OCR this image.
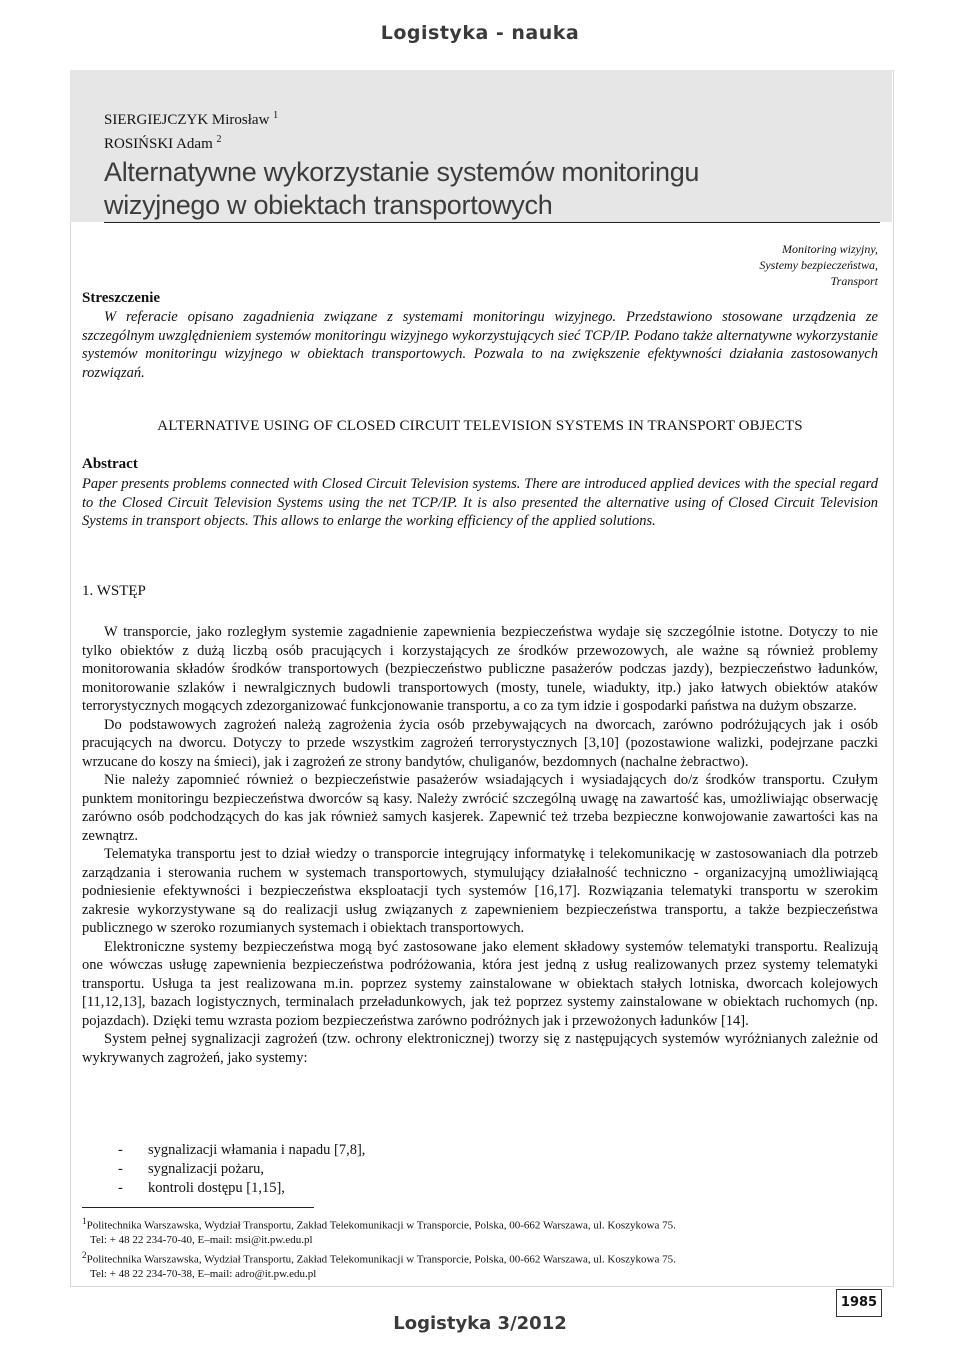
Logistyka - nauka
SIERGIEJCZYK Mirosław $^1$
ROSIŃSKI Adam $^2$
Alternatywne wykorzystanie systemów monitoringu
wizyjnego w obiektach transportowych
Monitoring wizyjny,
Systemy bezpieczeństwa,
Transport
Streszczenie

W referacie opisano zagadnienia związane z systemami monitoringu wizyjnego. Przedstawiono stosowane urządzenia ze szczególnym uwzględnieniem systemów monitoringu wizyjnego wykorzystujących sieć TCP/IP. Podano także alternatywne wykorzystanie systemów monitoringu wizyjnego w obiektach transportowych. Pozwala to na zwiększenie efektywności działania zastosowanych rozwiązań.

ALTERNATIVE USING OF CLOSED CIRCUIT TELEVISION SYSTEMS IN TRANSPORT OBJECTS
Abstract

Paper presents problems connected with Closed Circuit Television systems. There are introduced applied devices with the special regard to the Closed Circuit Television Systems using the net TCP/IP. It is also presented the alternative using of Closed Circuit Television Systems in transport objects. This allows to enlarge the working efficiency of the applied solutions.

1. WSTĘP

W transporcie, jako rozległym systemie zagadnienie zapewnienia bezpieczeństwa wydaje się szczególnie istotne. Dotyczy to nie tylko obiektów z dużą liczbą osób pracujących i korzystających ze środków przewozowych, ale ważne są również problemy monitorowania składów środków transportowych (bezpieczeństwo publiczne pasażerów podczas jazdy), bezpieczeństwo ładunków, monitorowanie szlaków i newralgicznych budowli transportowych (mosty, tunele, wiadukty, itp.) jako łatwych obiektów ataków terrorystycznych mogących zdezorganizować funkcjonowanie transportu, a co za tym idzie i gospodarki państwa na dużym obszarze.

Do podstawowych zagrożeń należą zagrożenia życia osób przebywających na dworcach, zarówno podróżujących jak i osób pracujących na dworcu. Dotyczy to przede wszystkim zagrożeń terrorystycznych [3,10] (pozostawione walizki, podejrzane paczki wrzucane do koszy na śmieci), jak i zagrożeń ze strony bandytów, chuliganów, bezdomnych (nachalne żebractwo).

Nie należy zapomnieć również o bezpieczeństwie pasażerów wsiadających i wysiadających do/z środków transportu. Czułym punktem monitoringu bezpieczeństwa dworców są kasy. Należy zwrócić szczególną uwagę na zawartość kas, umożliwiając obserwację zarówno osób podchodzących do kas jak również samych kasjerek. Zapewnić też trzeba bezpieczne konwojowanie zawartości kas na zewnątrz.

Telematyka transportu jest to dział wiedzy o transporcie integrujący informatykę i telekomunikację w zastosowaniach dla potrzeb zarządzania i sterowania ruchem w systemach transportowych, stymulujący działalność techniczno - organizacyjną umożliwiającą podniesienie efektywności i bezpieczeństwa eksploatacji tych systemów [16,17]. Rozwiązania telematyki transportu w szerokim zakresie wykorzystywane są do realizacji usług związanych z zapewnieniem bezpieczeństwa transportu, a także bezpieczeństwa publicznego w szeroko rozumianych systemach i obiektach transportowych.

Elektroniczne systemy bezpieczeństwa mogą być zastosowane jako element składowy systemów telematyki transportu. Realizują one wówczas usługę zapewnienia bezpieczeństwa podróżowania, która jest jedną z usług realizowanych przez systemy telematyki transportu. Usługa ta jest realizowana m.in. poprzez systemy zainstalowane w obiektach stałych lotniska, dworcach kolejowych [11,12,13], bazach logistycznych, terminalach przeładunkowych, jak też poprzez systemy zainstalowane w obiektach ruchomych (np. pojazdach). Dzięki temu wzrasta poziom bezpieczeństwa zarówno podróżnych jak i przewożonych ładunków [14].

System pełnej sygnalizacji zagrożeń (tzw. ochrony elektronicznej) tworzy się z następujących systemów wyróżnianych zależnie od wykrywanych zagrożeń, jako systemy:

-	sygnalizacji włamania i napadu [7,8],
-	sygnalizacji pożaru,
-	kontroli dostępu [1,15],
$^1$Politechnika Warszawska, Wydział Transportu, Zakład Telekomunikacji w Transporcie, Polska, 00-662 Warszawa, ul. Koszykowa 75.
Tel: + 48 22 234-70-40, E–mail: msi@it.pw.edu.pl
$^2$Politechnika Warszawska, Wydział Transportu, Zakład Telekomunikacji w Transporcie, Polska, 00-662 Warszawa, ul. Koszykowa 75.
Tel: + 48 22 234-70-38, E–mail: adro@it.pw.edu.pl
1985
Logistyka 3/2012
